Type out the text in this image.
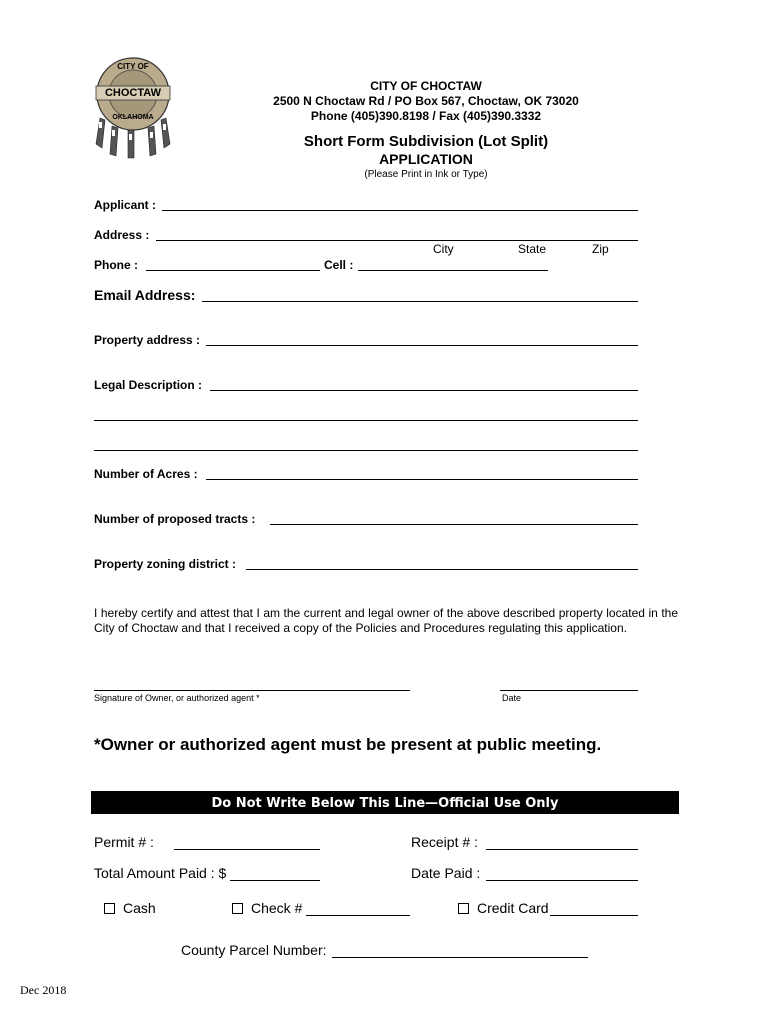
CITY OF
CHOCTAW
OKLAHOMA
CITY OF CHOCTAW
2500 N Choctaw Rd / PO Box 567, Choctaw, OK 73020
Phone (405)390.8198 / Fax (405)390.3332
Short Form Subdivision (Lot Split)
APPLICATION
(Please Print in Ink or Type)
Applicant :
Address :
City	State	Zip
Phone :	Cell :
Email Address:
Property address :
Legal Description :
Number of Acres :
Number of proposed tracts :
Property zoning district :
I hereby certify and attest that I am the current and legal owner of the above described property located in the City of Choctaw and that I received a copy of the Policies and Procedures regulating this application.
Signature of Owner, or authorized agent *	Date
*Owner or authorized agent must be present at public meeting.
Do Not Write Below This Line—Official Use Only
Permit # :	Receipt # :
Total Amount Paid : $	Date Paid :
Cash	Check #	Credit Card
County Parcel Number:
Dec 2018
